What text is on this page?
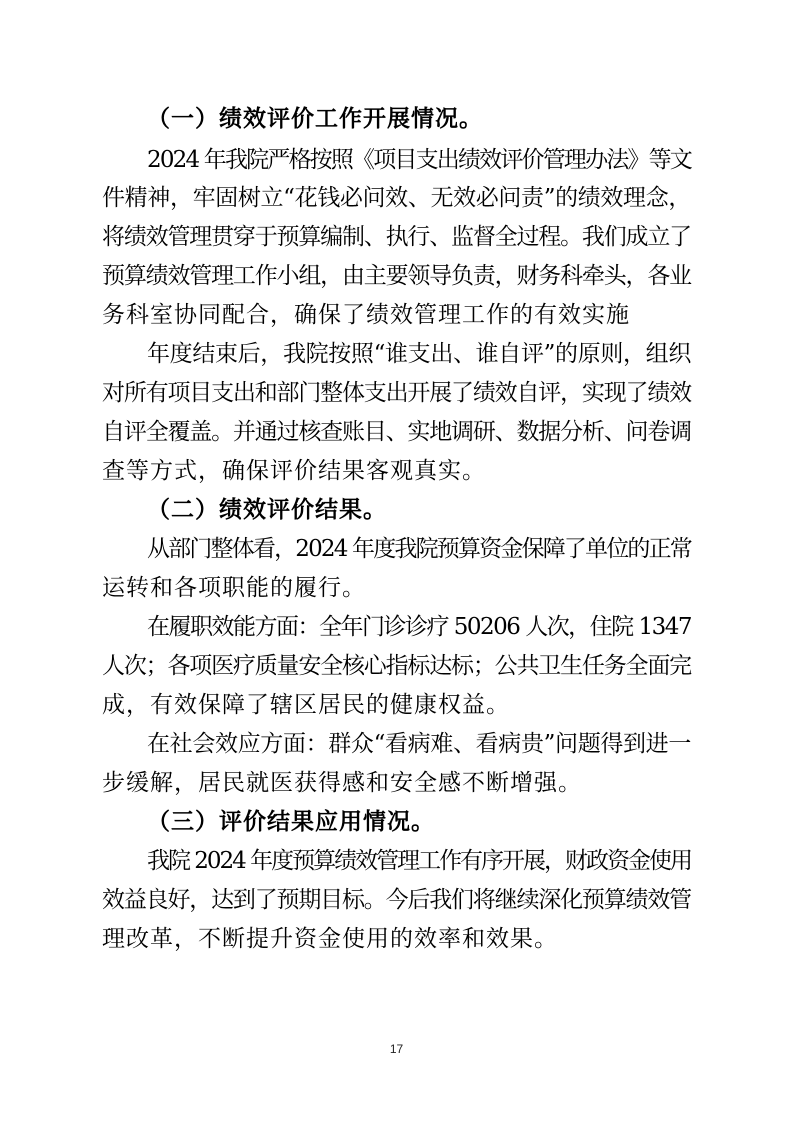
（一）绩效评价工作开展情况。
2024 年我院严格按照《项目支出绩效评价管理办法》等文
件精神，牢固树立“花钱必问效、无效必问责”的绩效理念，
将绩效管理贯穿于预算编制、执行、监督全过程。我们成立了
预算绩效管理工作小组，由主要领导负责，财务科牵头，各业
务科室协同配合，确保了绩效管理工作的有效实施
年度结束后，我院按照“谁支出、谁自评”的原则，组织
对所有项目支出和部门整体支出开展了绩效自评，实现了绩效
自评全覆盖。并通过核查账目、实地调研、数据分析、问卷调
查等方式，确保评价结果客观真实。
（二）绩效评价结果。
从部门整体看，2024 年度我院预算资金保障了单位的正常
运转和各项职能的履行。
在履职效能方面：全年门诊诊疗 50206 人次，住院 1347
人次；各项医疗质量安全核心指标达标；公共卫生任务全面完
成，有效保障了辖区居民的健康权益。
在社会效应方面：群众“看病难、看病贵”问题得到进一
步缓解，居民就医获得感和安全感不断增强。
（三）评价结果应用情况。
我院 2024 年度预算绩效管理工作有序开展，财政资金使用
效益良好，达到了预期目标。今后我们将继续深化预算绩效管
理改革，不断提升资金使用的效率和效果。
17
